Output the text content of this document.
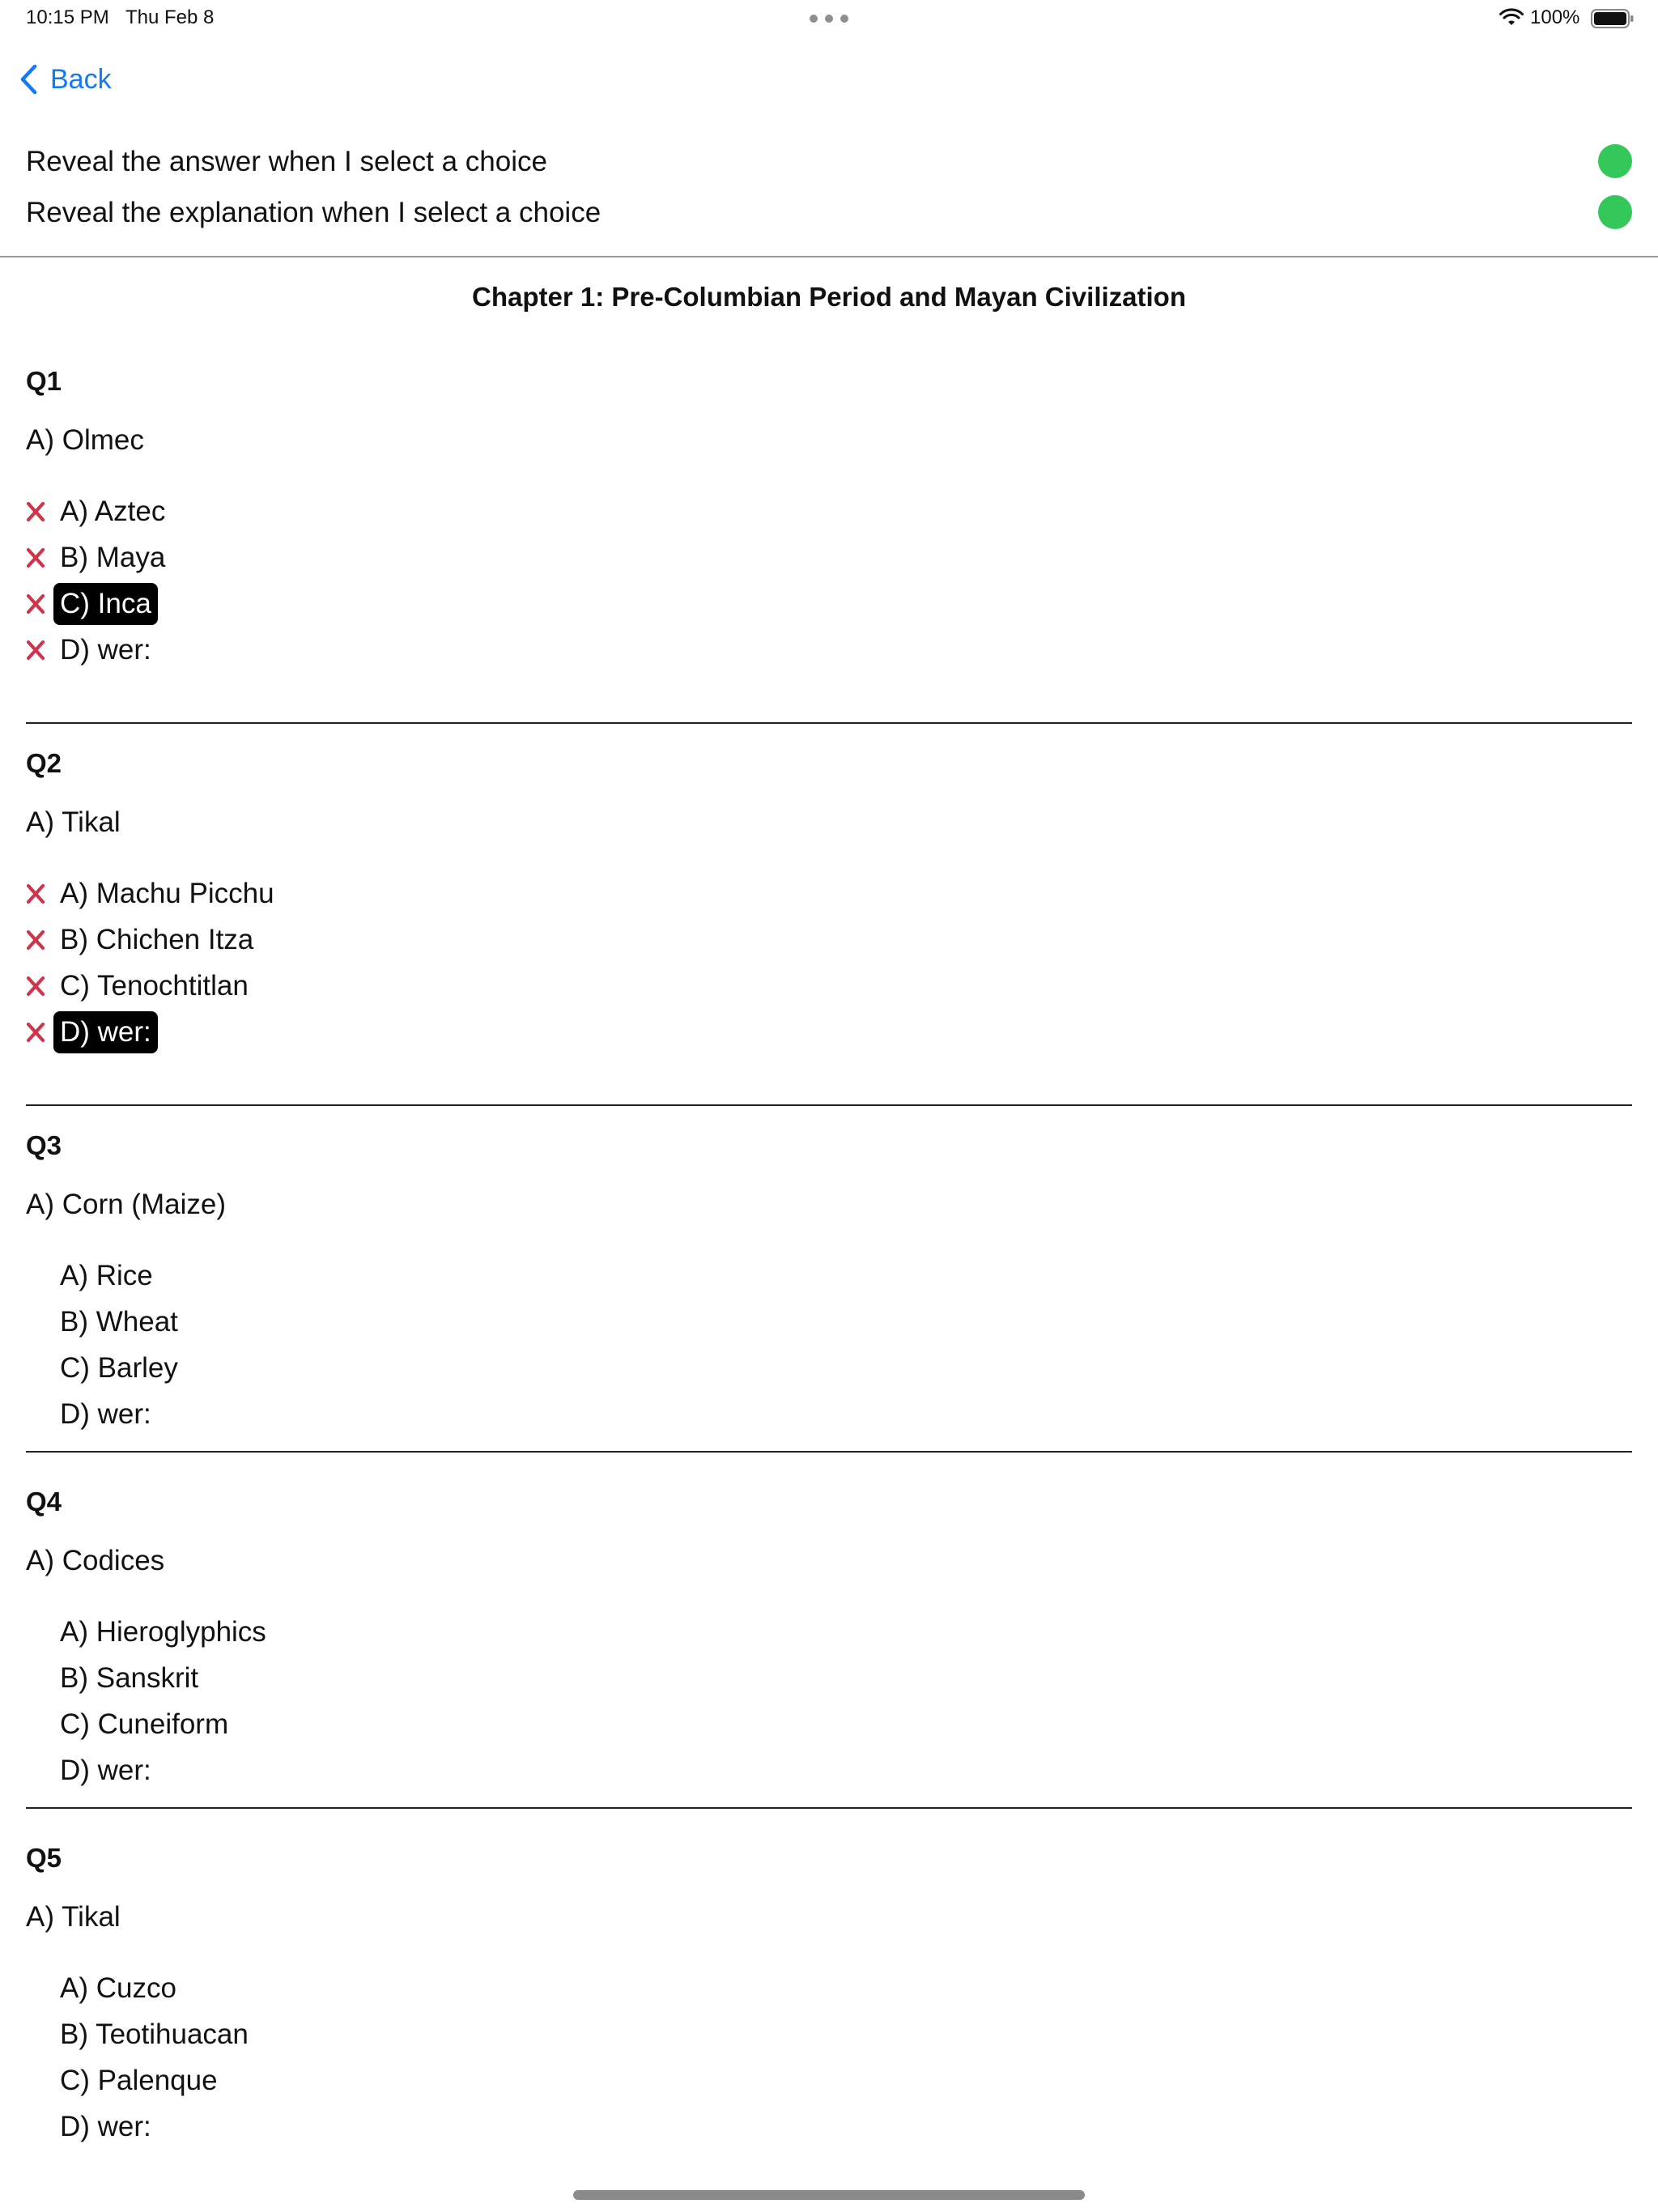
10:15 PM Thu Feb 8	100%
Back
Reveal the answer when I select a choice
Reveal the explanation when I select a choice
Chapter 1: Pre-Columbian Period and Mayan Civilization
Q1
A) Olmec
A) Aztec
B) Maya
C) Inca
D) wer:
Q2
A) Tikal
A) Machu Picchu
B) Chichen Itza
C) Tenochtitlan
D) wer:
Q3
A) Corn (Maize)
A) Rice
B) Wheat
C) Barley
D) wer:
Q4
A) Codices
A) Hieroglyphics
B) Sanskrit
C) Cuneiform
D) wer:
Q5
A) Tikal
A) Cuzco
B) Teotihuacan
C) Palenque
D) wer:
